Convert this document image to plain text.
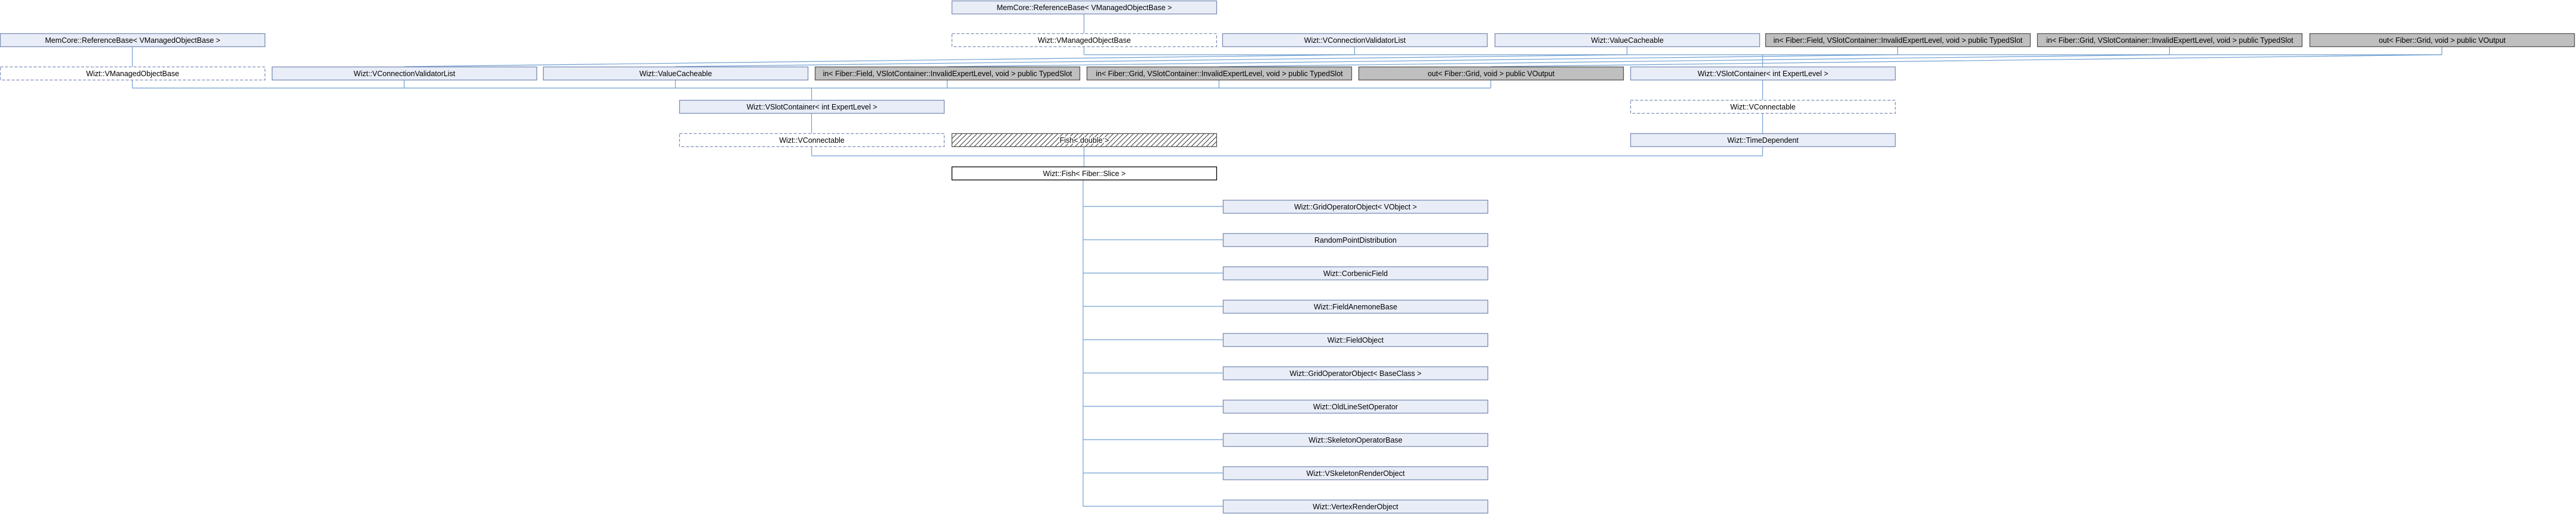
MemCore::ReferenceBase< VManagedObjectBase >
MemCore::ReferenceBase< VManagedObjectBase >	Wizt::VManagedObjectBase	Wizt::VConnectionValidatorList	Wizt::ValueCacheable	in< Fiber::Field, VSlotContainer::InvalidExpertLevel, void > public TypedSlot	in< Fiber::Grid, VSlotContainer::InvalidExpertLevel, void > public TypedSlot	out< Fiber::Grid, void > public VOutput
Wizt::VManagedObjectBase	Wizt::VConnectionValidatorList	Wizt::ValueCacheable	in< Fiber::Field, VSlotContainer::InvalidExpertLevel, void > public TypedSlot	in< Fiber::Grid, VSlotContainer::InvalidExpertLevel, void > public TypedSlot	out< Fiber::Grid, void > public VOutput	Wizt::VSlotContainer< int ExpertLevel >
Wizt::VSlotContainer< int ExpertLevel >	Wizt::VConnectable
Wizt::VConnectable	Fish< double >	Wizt::TimeDependent
Wizt::Fish< Fiber::Slice >
Wizt::GridOperatorObject< VObject >
RandomPointDistribution
Wizt::CorbenicField
Wizt::FieldAnemoneBase
Wizt::FieldObject
Wizt::GridOperatorObject< BaseClass >
Wizt::OldLineSetOperator
Wizt::SkeletonOperatorBase
Wizt::VSkeletonRenderObject
Wizt::VertexRenderObject
